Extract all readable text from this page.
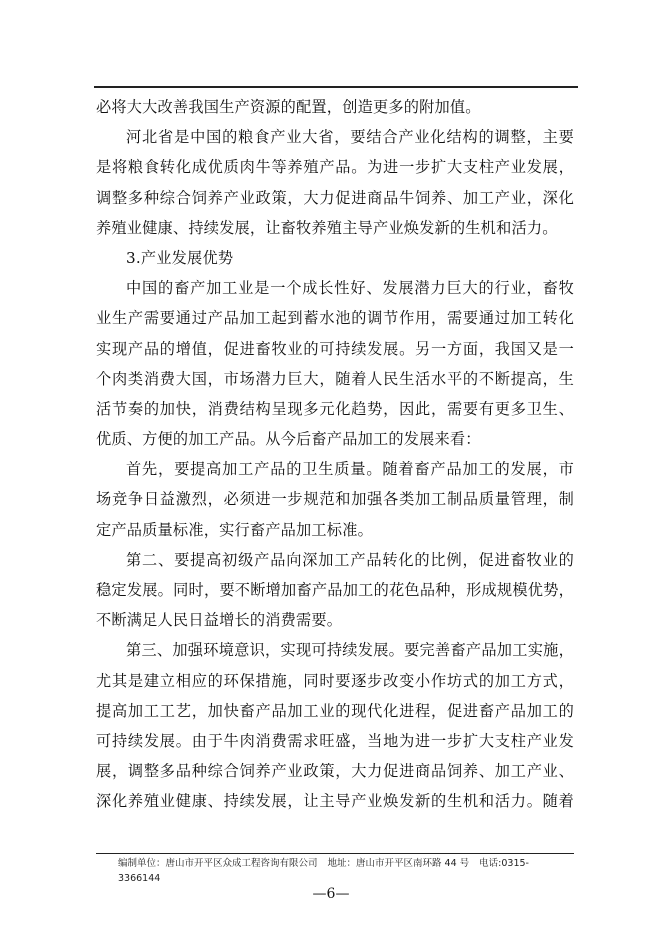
必将大大改善我国生产资源的配置，创造更多的附加值。
河北省是中国的粮食产业大省，要结合产业化结构的调整，主要
是将粮食转化成优质肉牛等养殖产品。为进一步扩大支柱产业发展，
调整多种综合饲养产业政策，大力促进商品牛饲养、加工产业，深化
养殖业健康、持续发展，让畜牧养殖主导产业焕发新的生机和活力。
3.产业发展优势
中国的畜产加工业是一个成长性好、发展潜力巨大的行业，畜牧
业生产需要通过产品加工起到蓄水池的调节作用，需要通过加工转化
实现产品的增值，促进畜牧业的可持续发展。另一方面，我国又是一
个肉类消费大国，市场潜力巨大，随着人民生活水平的不断提高，生
活节奏的加快，消费结构呈现多元化趋势，因此，需要有更多卫生、
优质、方便的加工产品。从今后畜产品加工的发展来看：
首先，要提高加工产品的卫生质量。随着畜产品加工的发展，市
场竞争日益激烈，必须进一步规范和加强各类加工制品质量管理，制
定产品质量标准，实行畜产品加工标准。
第二、要提高初级产品向深加工产品转化的比例，促进畜牧业的
稳定发展。同时，要不断增加畜产品加工的花色品种，形成规模优势，
不断满足人民日益增长的消费需要。
第三、加强环境意识，实现可持续发展。要完善畜产品加工实施，
尤其是建立相应的环保措施，同时要逐步改变小作坊式的加工方式，
提高加工工艺，加快畜产品加工业的现代化进程，促进畜产品加工的
可持续发展。由于牛肉消费需求旺盛，当地为进一步扩大支柱产业发
展，调整多品种综合饲养产业政策，大力促进商品饲养、加工产业、
深化养殖业健康、持续发展，让主导产业焕发新的生机和活力。随着
编制单位：唐山市开平区众成工程咨询有限公司 地址：唐山市开平区南环路 44 号 电话:0315-
3366144
—6—
